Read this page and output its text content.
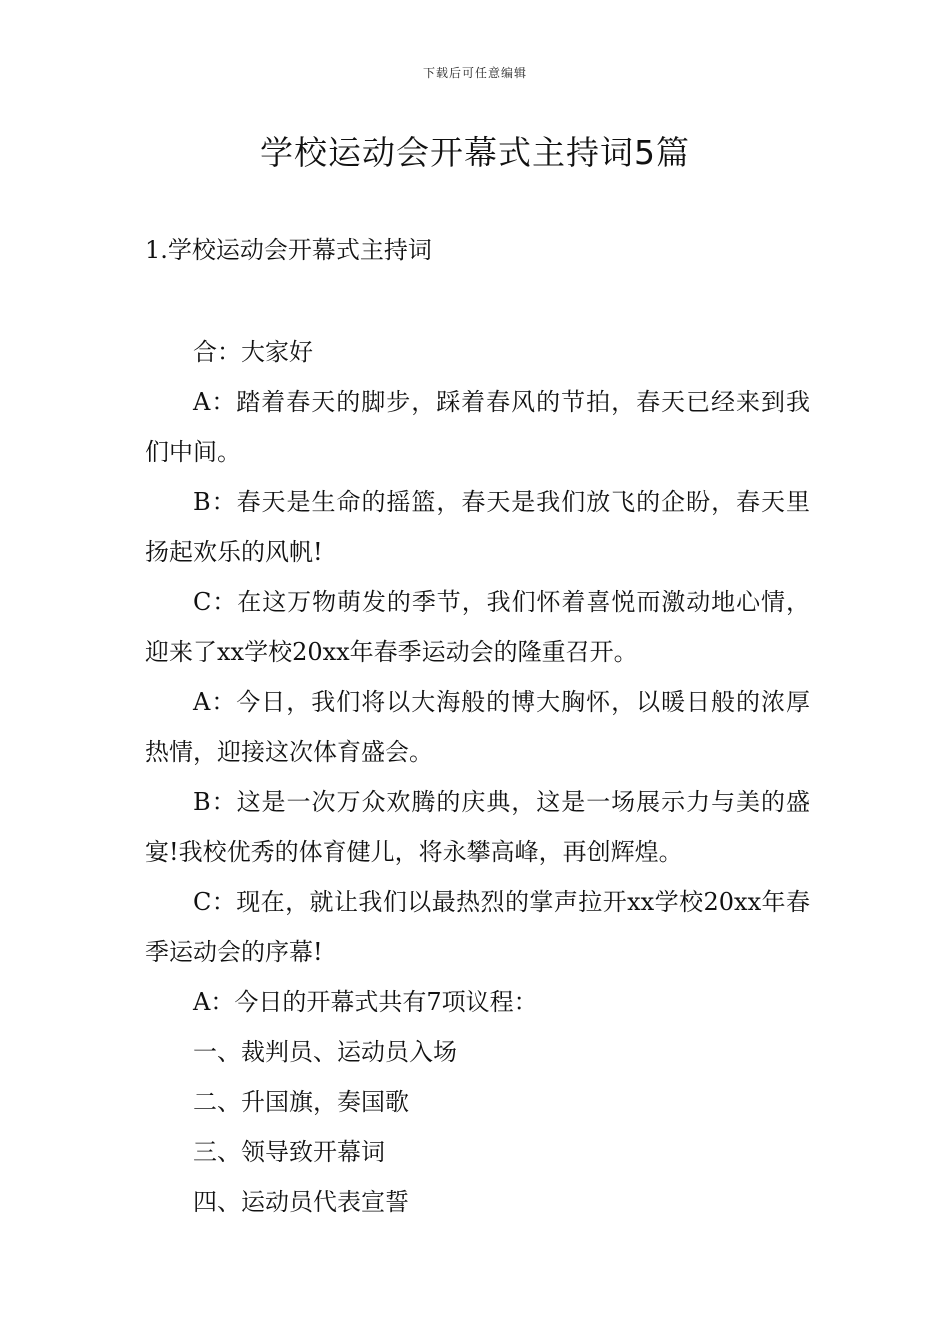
下载后可任意编辑
学校运动会开幕式主持词5篇
1.学校运动会开幕式主持词

合：大家好

A：踏着春天的脚步，踩着春风的节拍，春天已经来到我们中间。

B：春天是生命的摇篮，春天是我们放飞的企盼，春天里扬起欢乐的风帆!

C：在这万物萌发的季节，我们怀着喜悦而激动地心情，迎来了xx学校20xx年春季运动会的隆重召开。

A：今日，我们将以大海般的博大胸怀，以暖日般的浓厚热情，迎接这次体育盛会。

B：这是一次万众欢腾的庆典，这是一场展示力与美的盛宴!我校优秀的体育健儿，将永攀高峰，再创辉煌。

C：现在，就让我们以最热烈的掌声拉开xx学校20xx年春季运动会的序幕!

A：今日的开幕式共有7项议程：

一、裁判员、运动员入场

二、升国旗，奏国歌

三、领导致开幕词

四、运动员代表宣誓
